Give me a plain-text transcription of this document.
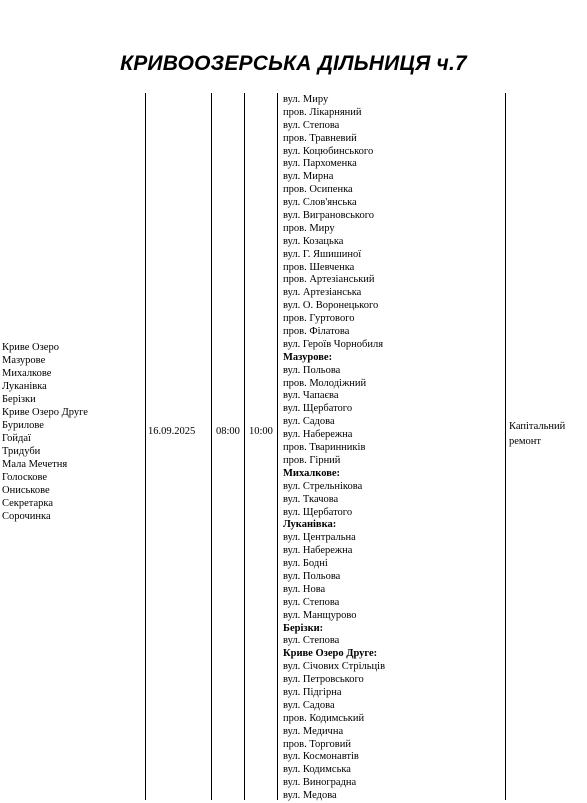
КРИВООЗЕРСЬКА ДІЛЬНИЦЯ ч.7
Криве Озеро
Мазурове
Михалкове
Луканівка
Берізки
Криве Озеро Друге
Бурилове
Гойдаї
Тридуби
Мала Мечетня
Голоскове
Ониськове
Секретарка
Сорочинка
16.09.2025 08:00 10:00
вул. Миру
пров. Лікарняний
вул. Степова
пров. Травневий
вул. Коцюбинського
вул. Пархоменка
вул. Мирна
пров. Осипенка
вул. Слов'янська
вул. Виграновського
пров. Миру
вул. Козацька
вул. Г. Яшишиної
пров. Шевченка
пров. Артезіанський
вул. Артезіанська
вул. О. Воронецького
пров. Гуртового
пров. Філатова
вул. Героїв Чорнобиля
Мазурове:
вул. Польова
пров. Молодіжний
вул. Чапаєва
вул. Щербатого
вул. Садова
вул. Набережна
пров. Тваринників
пров. Гірний
Михалкове:
вул. Стрельнікова
вул. Ткачова
вул. Щербатого
Луканівка:
вул. Центральна
вул. Набережна
вул. Бодні
вул. Польова
вул. Нова
вул. Степова
вул. Манщурово
Берізки:
вул. Степова
Криве Озеро Друге:
вул. Січових Стрільців
вул. Петровського
вул. Підгірна
вул. Садова
пров. Кодимський
вул. Медична
пров. Торговий
вул. Космонавтів
вул. Кодимська
вул. Виноградна
вул. Медова
Капітальний ремонт
